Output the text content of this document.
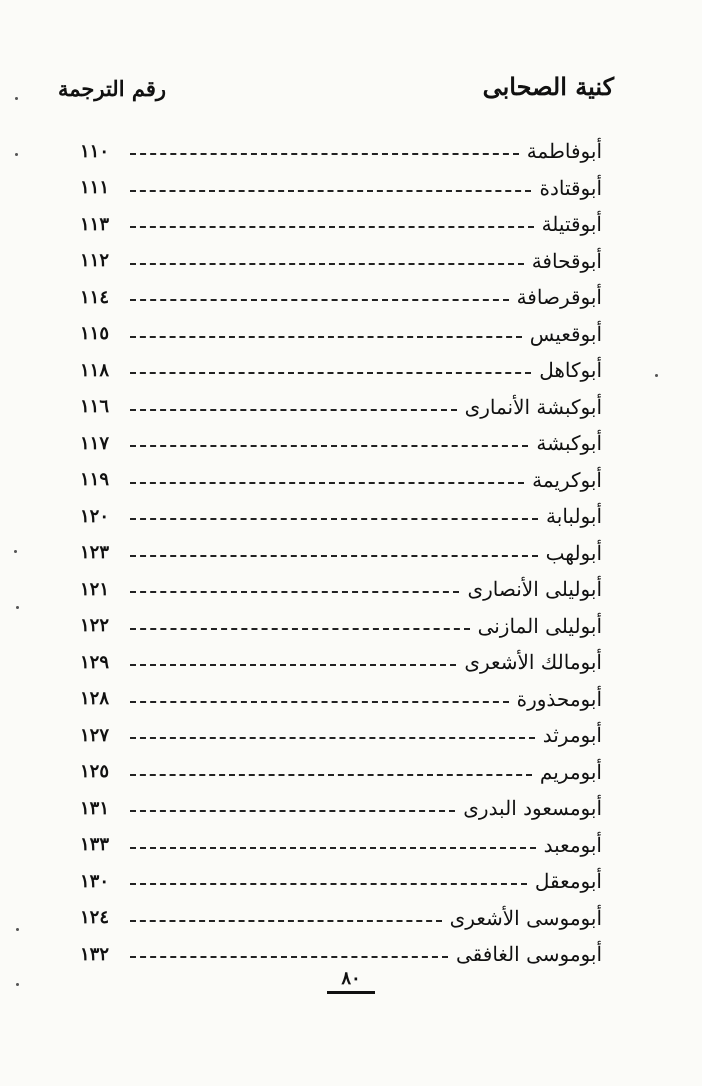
كنية الصحابى
رقم الترجمة
أبوفاطمة
١١٠
أبوقتادة
١١١
أبوقتيلة
١١٣
أبوقحافة
١١٢
أبوقرصافة
١١٤
أبوقعيس
١١٥
أبوكاهل
١١٨
أبوكبشة الأنمارى
١١٦
أبوكبشة
١١٧
أبوكريمة
١١٩
أبولبابة
١٢٠
أبولهب
١٢٣
أبوليلى الأنصارى
١٢١
أبوليلى المازنى
١٢٢
أبومالك الأشعرى
١٢٩
أبومحذورة
١٢٨
أبومرثد
١٢٧
أبومريم
١٢٥
أبومسعود البدرى
١٣١
أبومعبد
١٣٣
أبومعقل
١٣٠
أبوموسى الأشعرى
١٢٤
أبوموسى الغافقى
١٣٢
٨٠
